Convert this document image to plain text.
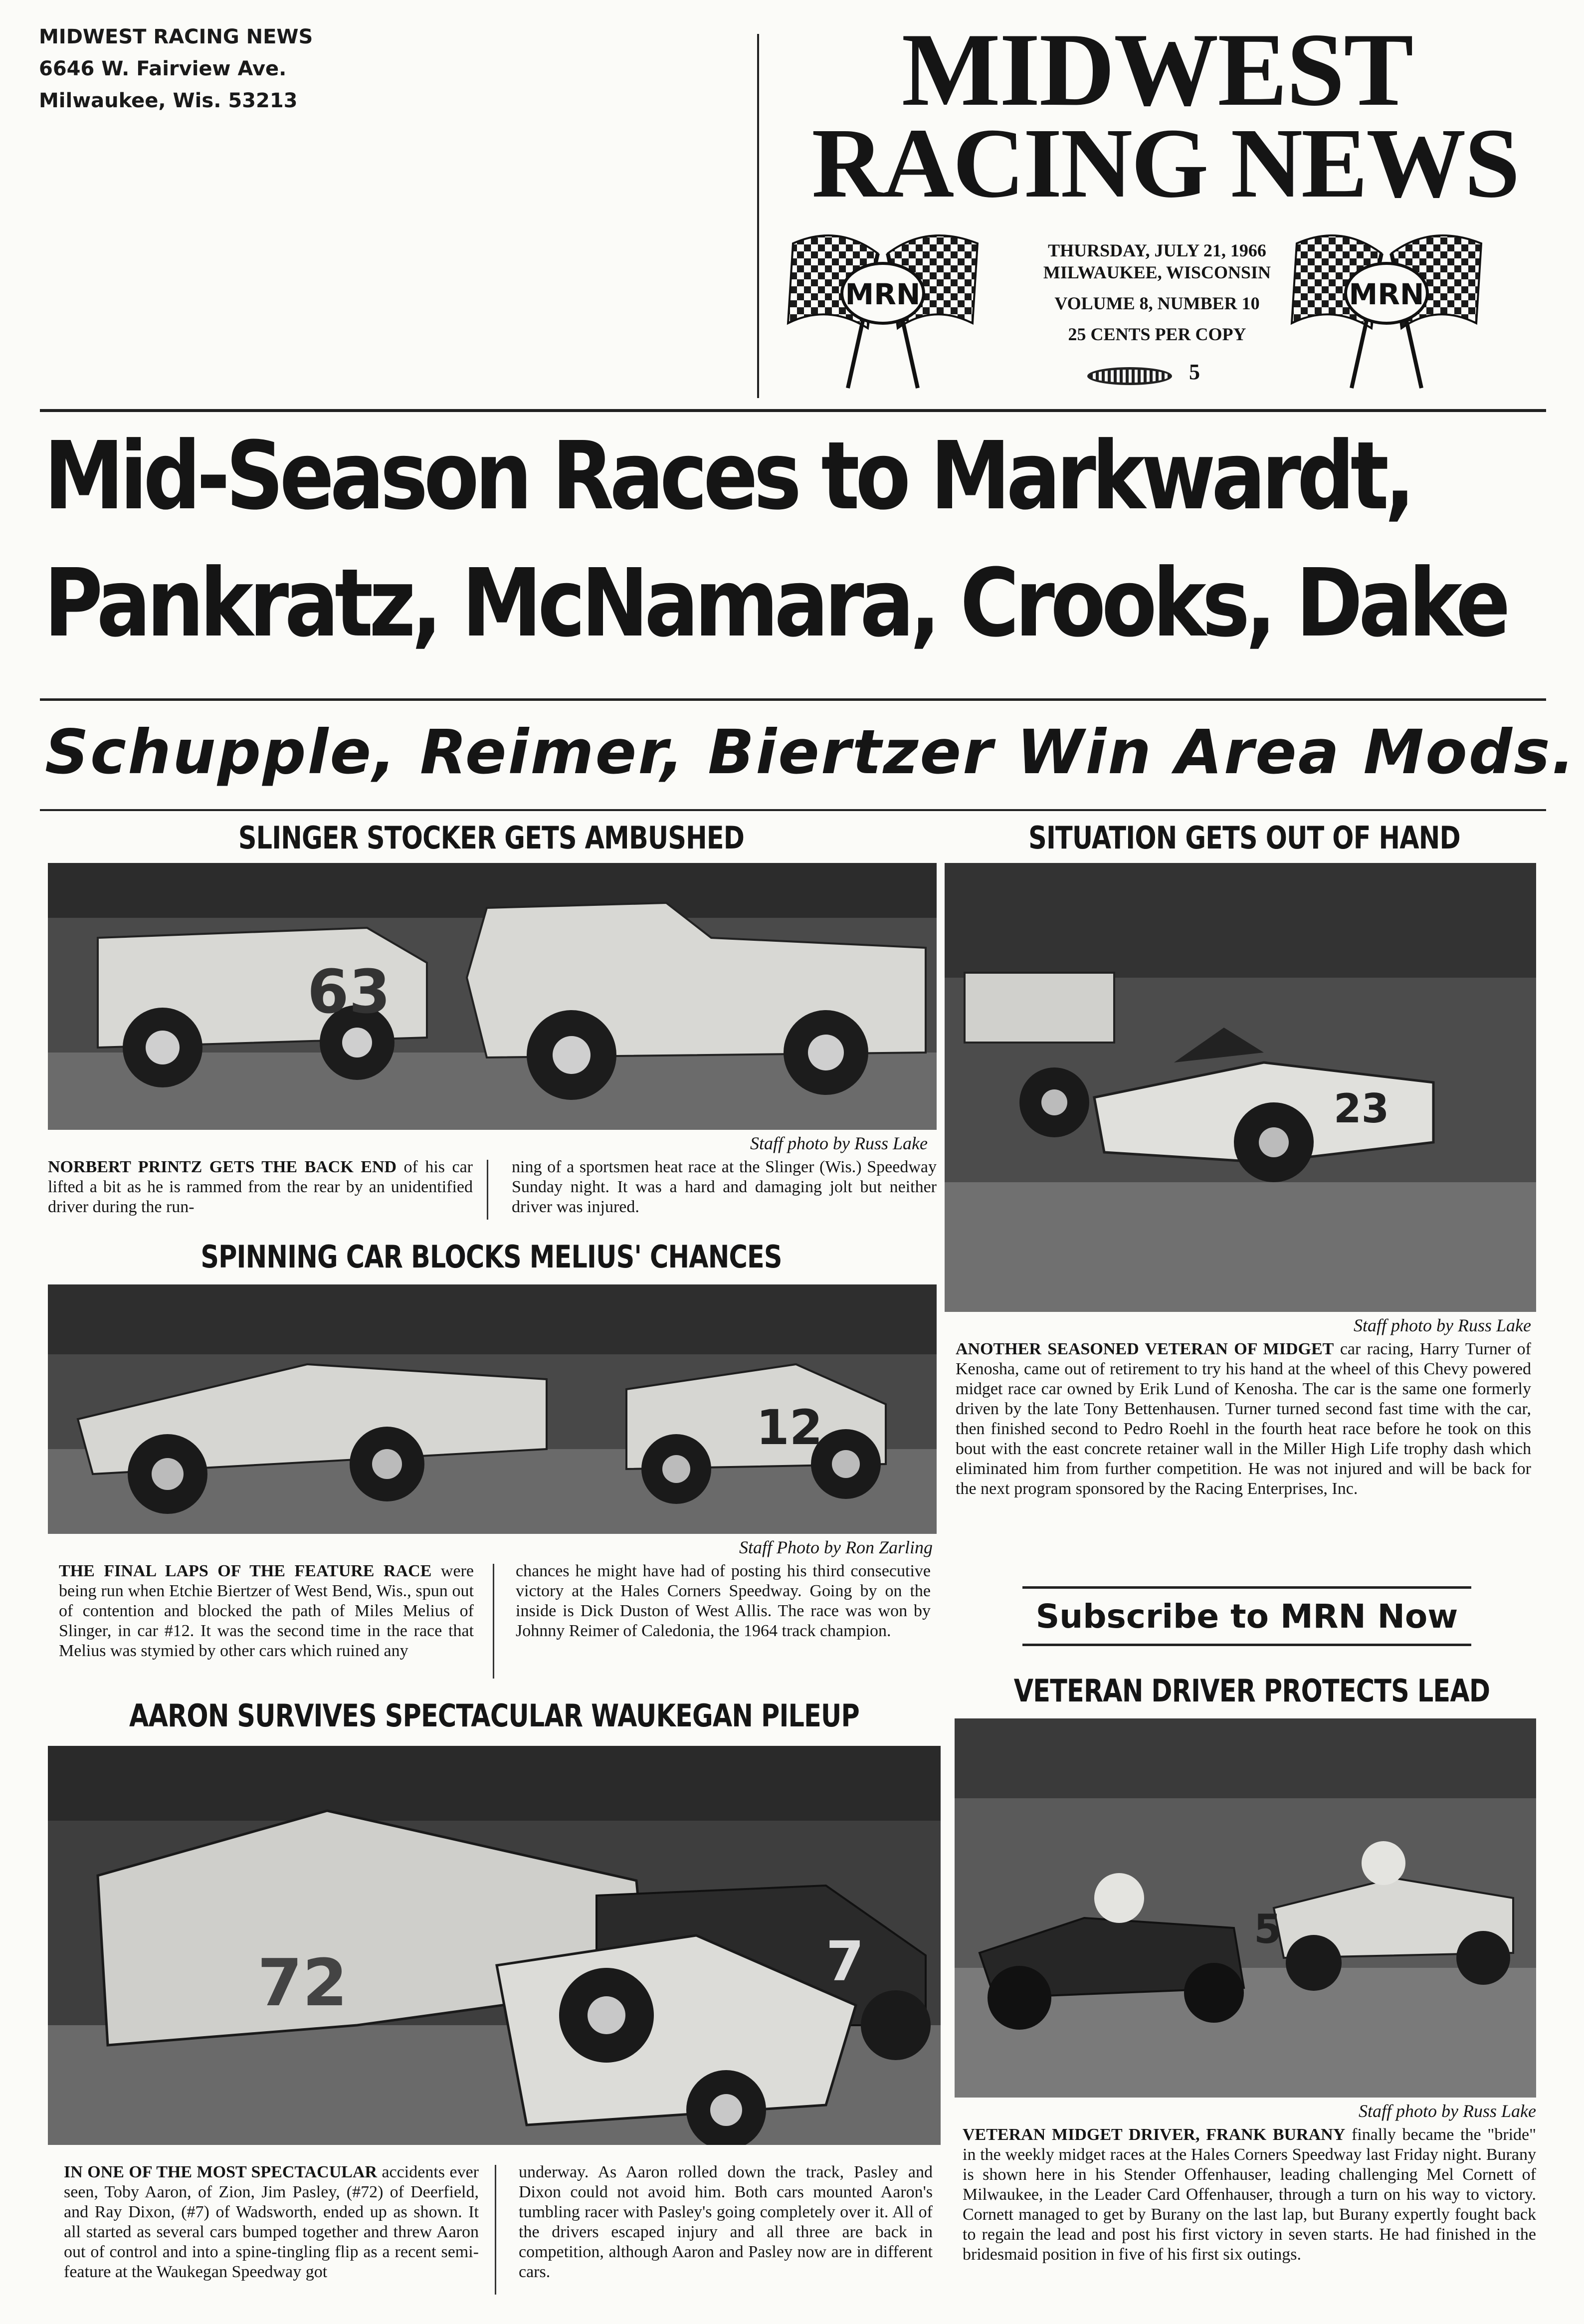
MIDWEST RACING NEWS
6646 W. Fairview Ave.
Milwaukee, Wis. 53213	MIDWEST
RACING NEWS
MRN
THURSDAY, JULY 21, 1966
MILWAUKEE, WISCONSIN
VOLUME 8, NUMBER 10
25 CENTS PER COPY
5
MRN
Mid-Season Races to Markwardt,
Pankratz, McNamara, Crooks, Dake
Schupple, Reimer, Biertzer Win Area Mods.
SLINGER STOCKER GETS AMBUSHED
63
Staff photo by Russ Lake
NORBERT PRINTZ GETS THE BACK END of his car lifted a bit as he is rammed from the rear by an unidentified driver during the run-
ning of a sportsmen heat race at the Slinger (Wis.) Speedway Sunday night. It was a hard and damaging jolt but neither driver was injured.
SITUATION GETS OUT OF HAND
23
Staff photo by Russ Lake
ANOTHER SEASONED VETERAN OF MIDGET car racing, Harry Turner of Kenosha, came out of retirement to try his hand at the wheel of this Chevy powered midget race car owned by Erik Lund of Kenosha. The car is the same one formerly driven by the late Tony Bettenhausen. Turner turned second fast time with the car, then finished second to Pedro Roehl in the fourth heat race before he took on this bout with the east concrete retainer wall in the Miller High Life trophy dash which eliminated him from further competition. He was not injured and will be back for the next program sponsored by the Racing Enterprises, Inc.
SPINNING CAR BLOCKS MELIUS' CHANCES
12
Staff Photo by Ron Zarling
THE FINAL LAPS OF THE FEATURE RACE were being run when Etchie Biertzer of West Bend, Wis., spun out of contention and blocked the path of Miles Melius of Slinger, in car #12. It was the second time in the race that Melius was stymied by other cars which ruined any
chances he might have had of posting his third consecutive victory at the Hales Corners Speedway. Going by on the inside is Dick Duston of West Allis. The race was won by Johnny Reimer of Caledonia, the 1964 track champion.	Subscribe to MRN Now
VETERAN DRIVER PROTECTS LEAD
5
Staff photo by Russ Lake
VETERAN MIDGET DRIVER, FRANK BURANY finally became the "bride" in the weekly midget races at the Hales Corners Speedway last Friday night. Burany is shown here in his Stender Offenhauser, leading challenging Mel Cornett of Milwaukee, in the Leader Card Offenhauser, through a turn on his way to victory. Cornett managed to get by Burany on the last lap, but Burany expertly fought back to regain the lead and post his first victory in seven starts. He had finished in the bridesmaid position in five of his first six outings.
AARON SURVIVES SPECTACULAR WAUKEGAN PILEUP
72	7
IN ONE OF THE MOST SPECTACULAR accidents ever seen, Toby Aaron, of Zion, Jim Pasley, (#72) of Deerfield, and Ray Dixon, (#7) of Wadsworth, ended up as shown. It all started as several cars bumped together and threw Aaron out of control and into a spine-tingling flip as a recent semi-feature at the Waukegan Speedway got
underway. As Aaron rolled down the track, Pasley and Dixon could not avoid him. Both cars mounted Aaron's tumbling racer with Pasley's going completely over it. All of the drivers escaped injury and all three are back in competition, although Aaron and Pasley now are in different cars.
